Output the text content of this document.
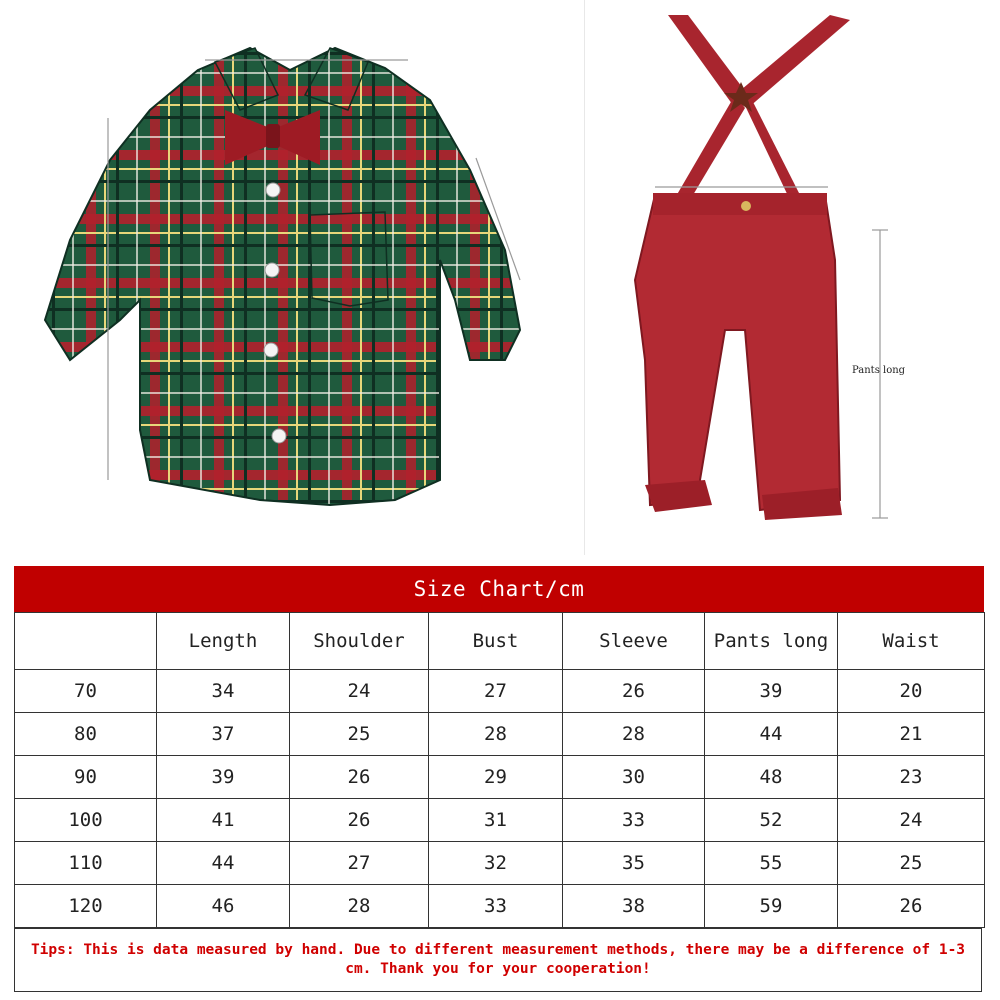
Pants long
Size Chart/cm
	Length	Shoulder	Bust	Sleeve	Pants long	Waist
70	34	24	27	26	39	20
80	37	25	28	28	44	21
90	39	26	29	30	48	23
100	41	26	31	33	52	24
110	44	27	32	35	55	25
120	46	28	33	38	59	26
Tips: This is data measured by hand. Due to different measurement methods, there may be a difference of 1-3 cm. Thank you for your cooperation!
